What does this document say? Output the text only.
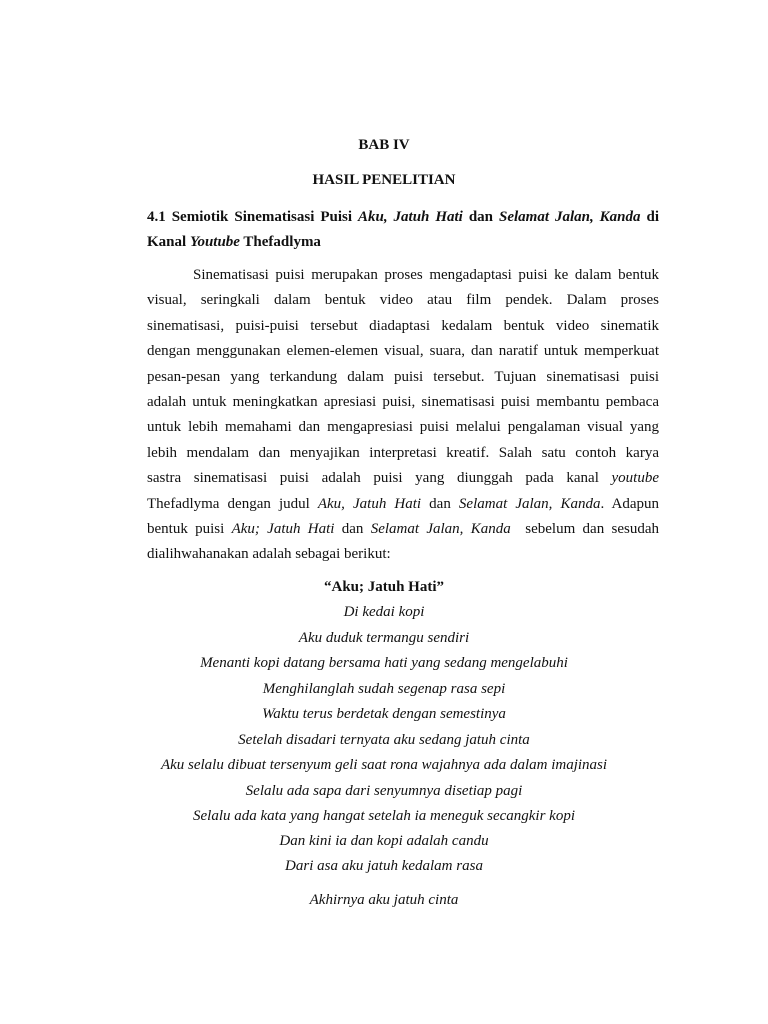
BAB IV
HASIL PENELITIAN
4.1 Semiotik Sinematisasi Puisi Aku, Jatuh Hati dan Selamat Jalan, Kanda di
Kanal Youtube Thefadlyma
Sinematisasi puisi merupakan proses mengadaptasi puisi ke dalam bentuk
visual, seringkali dalam bentuk video atau film pendek. Dalam proses
sinematisasi, puisi-puisi tersebut diadaptasi kedalam bentuk video sinematik
dengan menggunakan elemen-elemen visual, suara, dan naratif untuk memperkuat
pesan-pesan yang terkandung dalam puisi tersebut. Tujuan sinematisasi puisi
adalah untuk meningkatkan apresiasi puisi, sinematisasi puisi membantu pembaca
untuk lebih memahami dan mengapresiasi puisi melalui pengalaman visual yang
lebih mendalam dan menyajikan interpretasi kreatif. Salah satu contoh karya
sastra sinematisasi puisi adalah puisi yang diunggah pada kanal youtube
Thefadlyma dengan judul Aku, Jatuh Hati dan Selamat Jalan, Kanda. Adapun
bentuk puisi Aku; Jatuh Hati dan Selamat Jalan, Kanda  sebelum dan sesudah
dialihwahanakan adalah sebagai berikut:
“Aku; Jatuh Hati”
Di kedai kopi
Aku duduk termangu sendiri
Menanti kopi datang bersama hati yang sedang mengelabuhi
Menghilanglah sudah segenap rasa sepi
Waktu terus berdetak dengan semestinya
Setelah disadari ternyata aku sedang jatuh cinta
Aku selalu dibuat tersenyum geli saat rona wajahnya ada dalam imajinasi
Selalu ada sapa dari senyumnya disetiap pagi
Selalu ada kata yang hangat setelah ia meneguk secangkir kopi
Dan kini ia dan kopi adalah candu
Dari asa aku jatuh kedalam rasa
Akhirnya aku jatuh cinta
